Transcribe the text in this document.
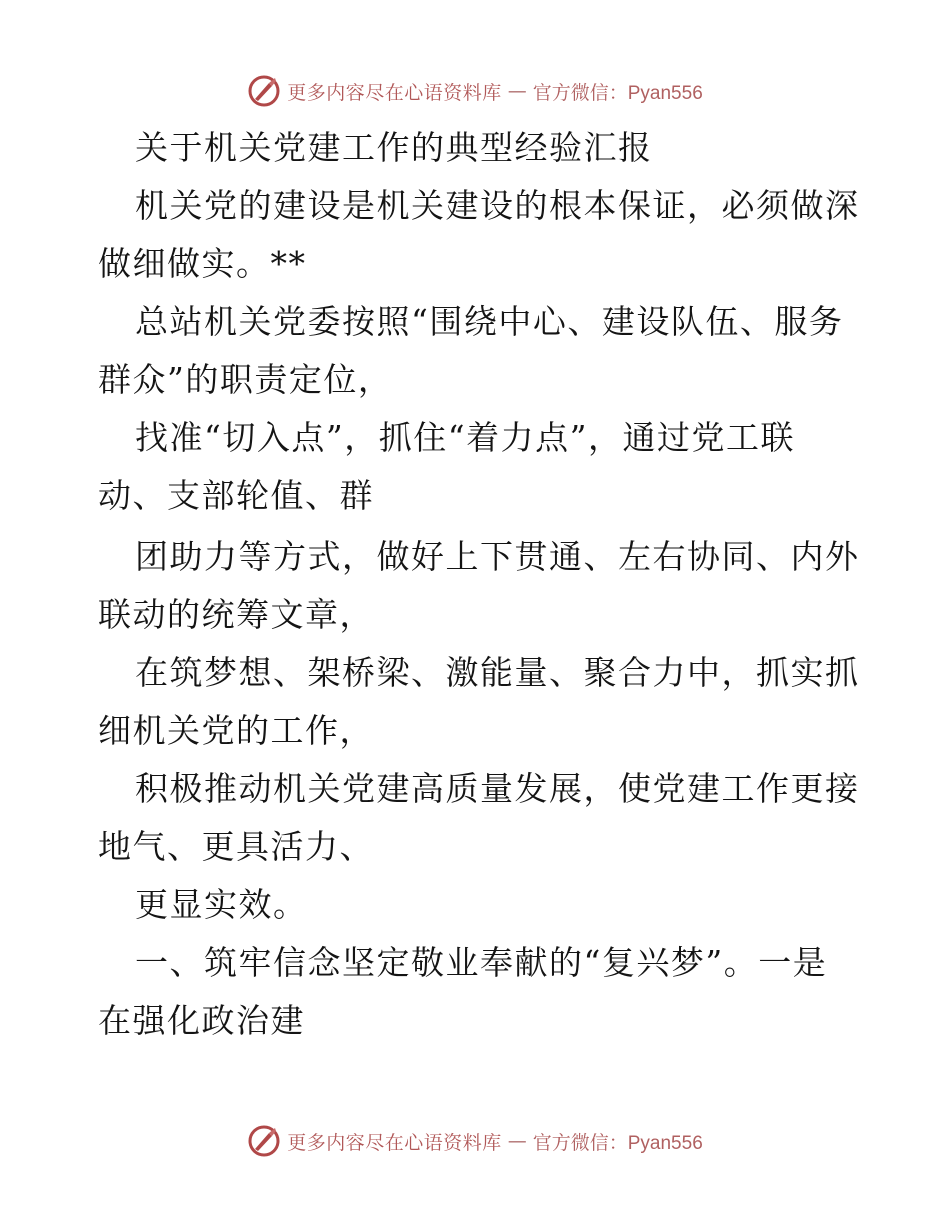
更多内容尽在心语资料库 — 官方微信：Pyan556
关于机关党建工作的典型经验汇报
机关党的建设是机关建设的根本保证，必须做深
做细做实。**
总站机关党委按照“围绕中心、建设队伍、服务
群众”的职责定位，
找准“切入点”，抓住“着力点”，通过党工联
动、支部轮值、群
团助力等方式，做好上下贯通、左右协同、内外
联动的统筹文章，
在筑梦想、架桥梁、激能量、聚合力中，抓实抓
细机关党的工作，
积极推动机关党建高质量发展，使党建工作更接
地气、更具活力、
更显实效。
一、筑牢信念坚定敬业奉献的“复兴梦”。一是
在强化政治建
更多内容尽在心语资料库 — 官方微信：Pyan556
